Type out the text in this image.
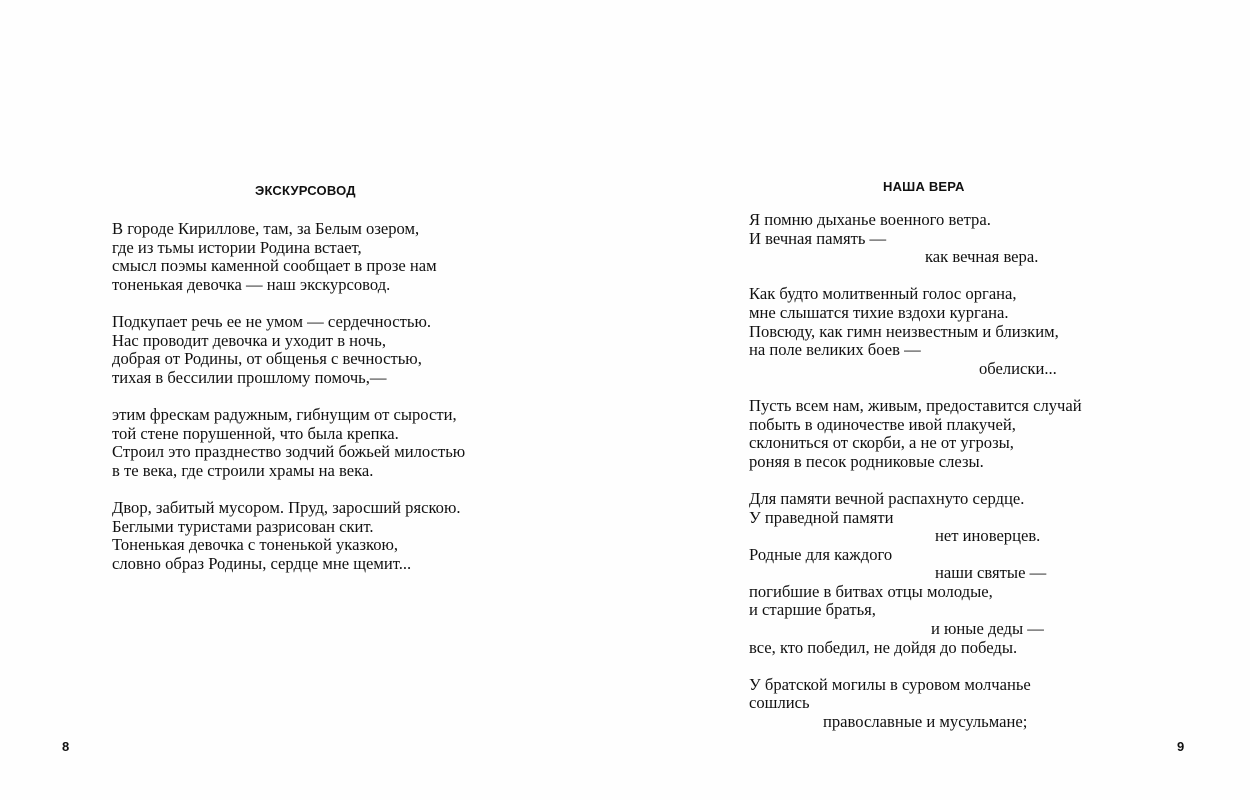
ЭКСКУРСОВОД

В городе Кириллове, там, за Белым озером,
где из тьмы истории Родина встает,
смысл поэмы каменной сообщает в прозе нам
тоненькая девочка — наш экскурсовод.

Подкупает речь ее не умом — сердечностью.
Нас проводит девочка и уходит в ночь,
добрая от Родины, от общенья с вечностью,
тихая в бессилии прошлому помочь,—

этим фрескам радужным, гибнущим от сырости,
той стене порушенной, что была крепка.
Строил это празднество зодчий божьей милостью
в те века, где строили храмы на века.

Двор, забитый мусором. Пруд, заросший ряскою.
Беглыми туристами разрисован скит.
Тоненькая девочка с тоненькой указкою,
словно образ Родины, сердце мне щемит...

8
НАША ВЕРА

Я помню дыханье военного ветра.
И вечная память —
как вечная вера.

Как будто молитвенный голос органа,
мне слышатся тихие вздохи кургана.
Повсюду, как гимн неизвестным и близким,
на поле великих боев —
обелиски...

Пусть всем нам, живым, предоставится случай
побыть в одиночестве ивой плакучей,
склониться от скорби, а не от угрозы,
роняя в песок родниковые слезы.

Для памяти вечной распахнуто сердце.
У праведной памяти
нет иноверцев.
Родные для каждого
наши святые —
погибшие в битвах отцы молодые,
и старшие братья,
и юные деды —
все, кто победил, не дойдя до победы.

У братской могилы в суровом молчанье
сошлись
православные и мусульмане;

9
